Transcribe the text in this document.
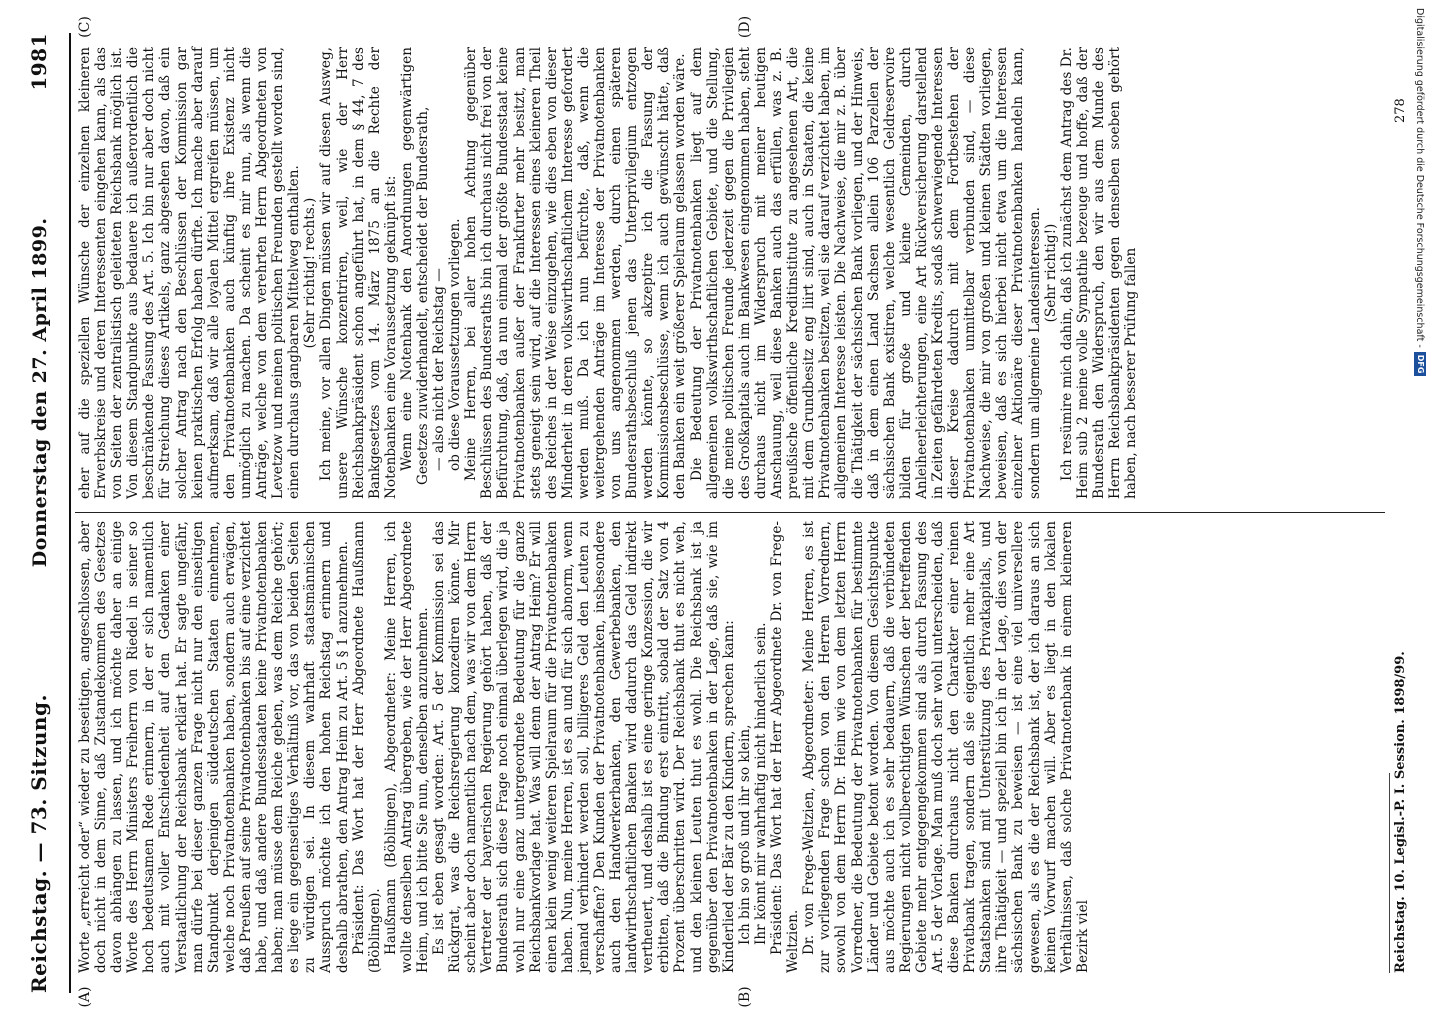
Reichstag. — 73. Sitzung.
Donnerstag den 27. April 1899.
1981
(A)	(B)
(C)	(D)

Worte „erreicht oder“ wieder zu beseitigen, angeschlossen, aber doch nicht in dem Sinne, daß Zustandekommen des Gesetzes davon abhängen zu lassen, und ich möchte daher an einige Worte des Herrn Ministers Freiherrn von Riedel in seiner so hoch bedeutsamen Rede erinnern, in der er sich namentlich auch mit voller Entschiedenheit auf den Gedanken einer Verstaatlichung der Reichsbank erklärt hat. Er sagte ungefähr, man dürfe bei dieser ganzen Frage nicht nur den einseitigen Standpunkt derjenigen süddeutschen Staaten einnehmen, welche noch Privatnotenbanken haben, sondern auch erwägen, daß Preußen auf seine Privatnotenbanken bis auf eine verzichtet habe, und daß andere Bundesstaaten keine Privatnotenbanken haben; man müsse dem Reiche geben, was dem Reiche gehört; es liege ein gegenseitiges Verhältniß vor, das von beiden Seiten zu würdigen sei. In diesem wahrhaft staatsmännischen Ausspruch möchte ich den hohen Reichstag erinnern und deshalb abrathen, den Antrag Heim zu Art. 5 § 1 anzunehmen. Präsident: Das Wort hat der Herr Abgeordnete Haußmann (Böblingen). Haußmann (Böblingen), Abgeordneter: Meine Herren, ich wollte denselben Antrag übergeben, wie der Herr Abgeordnete Heim, und ich bitte Sie nun, denselben anzunehmen. Es ist eben gesagt worden: Art. 5 der Kommission sei das Rückgrat, was die Reichsregierung konzediren könne. Mir scheint aber doch namentlich nach dem, was wir von dem Herrn Vertreter der bayerischen Regierung gehört haben, daß der Bundesrath sich diese Frage noch einmal überlegen wird, die ja wohl nur eine ganz untergeordnete Bedeutung für die ganze Reichsbankvorlage hat. Was will denn der Antrag Heim? Er will einen klein wenig weiteren Spielraum für die Privatnotenbanken haben. Nun, meine Herren, ist es an und für sich abnorm, wenn jemand verhindert werden soll, billigeres Geld den Leuten zu verschaffen? Den Kunden der Privatnotenbanken, insbesondere auch den Handwerkerbanken, den Gewerbebanken, den landwirthschaftlichen Banken wird dadurch das Geld indirekt vertheuert, und deshalb ist es eine geringe Konzession, die wir erbitten, daß die Bindung erst eintritt, sobald der Satz von 4 Prozent überschritten wird. Der Reichsbank thut es nicht weh, und den kleinen Leuten thut es wohl. Die Reichsbank ist ja gegenüber den Privatnotenbanken in der Lage, daß sie, wie im Kinderlied der Bär zu den Kindern, sprechen kann: Ich bin so groß und ihr so klein, Ihr könnt mir wahrhaftig nicht hinderlich sein. Präsident: Das Wort hat der Herr Abgeordnete Dr. von Frege-Weltzien. Dr. von Frege-Weltzien, Abgeordneter: Meine Herren, es ist zur vorliegenden Frage schon von den Herren Vorrednern, sowohl von dem Herrn Dr. Heim wie von dem letzten Herrn Vorredner, die Bedeutung der Privatnotenbanken für bestimmte Länder und Gebiete betont worden. Von diesem Gesichtspunkte aus möchte auch ich es sehr bedauern, daß die verbündeten Regierungen nicht vollberechtigten Wünschen der betreffenden Gebiete mehr entgegengekommen sind als durch Fassung des Art. 5 der Vorlage. Man muß doch sehr wohl unterscheiden, daß diese Banken durchaus nicht den Charakter einer reinen Privatbank tragen, sondern daß sie eigentlich mehr eine Art Staatsbanken sind mit Unterstützung des Privatkapitals, und ihre Thätigkeit — und speziell bin ich in der Lage, dies von der sächsischen Bank zu beweisen — ist eine viel universellere gewesen, als es die der Reichsbank ist, der ich daraus an sich keinen Vorwurf machen will. Aber es liegt in den lokalen Verhältnissen, daß solche Privatnotenbank in einem kleineren Bezirk viel

eher auf die speziellen Wünsche der einzelnen kleineren Erwerbskreise und deren Interessenten eingehen kann, als das von Seiten der zentralistisch geleiteten Reichsbank möglich ist. Von diesem Standpunkte aus bedauere ich außerordentlich die beschränkende Fassung des Art. 5. Ich bin nur aber doch nicht für Streichung dieses Artikels, ganz abgesehen davon, daß ein solcher Antrag nach den Beschlüssen der Kommission gar keinen praktischen Erfolg haben dürfte. Ich mache aber darauf aufmerksam, daß wir alle loyalen Mittel ergreifen müssen, um den Privatnotenbanken auch künftig ihre Existenz nicht unmöglich zu machen. Da scheint es mir nun, als wenn die Anträge, welche von dem verehrten Herrn Abgeordneten von Levetzow und meinen politischen Freunden gestellt worden sind, einen durchaus gangbaren Mittelweg enthalten. (Sehr richtig! rechts.) Ich meine, vor allen Dingen müssen wir auf diesen Ausweg, unsere Wünsche konzentriren, weil, wie der Herr Reichsbankpräsident schon angeführt hat, in dem § 44, 7 des Bankgesetzes vom 14. März 1875 an die Rechte der Notenbanken eine Voraussetzung geknüpft ist: Wenn eine Notenbank den Anordnungen gegenwärtigen Gesetzes zuwiderhandelt, entscheidet der Bundesrath, — also nicht der Reichstag — ob diese Voraussetzungen vorliegen. Meine Herren, bei aller hohen Achtung gegenüber Beschlüssen des Bundesraths bin ich durchaus nicht frei von der Befürchtung, daß, da nun einmal der größte Bundesstaat keine Privatnotenbanken außer der Frankfurter mehr besitzt, man stets geneigt sein wird, auf die Interessen eines kleineren Theil des Reiches in der Weise einzugehen, wie dies eben von dieser Minderheit in deren volkswirthschaftlichem Interesse gefordert werden muß. Da ich nun befürchte, daß, wenn die weitergehenden Anträge im Interesse der Privatnotenbanken von uns angenommen werden, durch einen späteren Bundesrathsbeschluß jenen das Unterprivilegium entzogen werden könnte, so akzeptire ich die Fassung der Kommissionsbeschlüsse, wenn ich auch gewünscht hätte, daß den Banken ein weit größerer Spielraum gelassen worden wäre. Die Bedeutung der Privatnotenbanken liegt auf dem allgemeinen volkswirthschaftlichen Gebiete, und die Stellung, die meine politischen Freunde jederzeit gegen die Privilegien des Großkapitals auch im Bankwesen eingenommen haben, steht durchaus nicht im Widerspruch mit meiner heutigen Anschauung, weil diese Banken auch das erfüllen, was z. B. preußische öffentliche Kreditinstitute zu angesehenen Art, die mit dem Grundbesitz eng liirt sind, auch in Staaten, die keine Privatnotenbanken besitzen, weil sie darauf verzichtet haben, im allgemeinen Interesse leisten. Die Nachweise, die mir z. B. über die Thätigkeit der sächsischen Bank vorliegen, und der Hinweis, daß in dem einen Land Sachsen allein 106 Parzellen der sächsischen Bank existiren, welche wesentlich Geldreservoire bilden für große und kleine Gemeinden, durch Anleiheerleichterungen, eine Art Rückversicherung darstellend in Zeiten gefährdeten Kredits, sodaß schwerwiegende Interessen dieser Kreise dadurch mit dem Fortbestehen der Privatnotenbanken unmittelbar verbunden sind, — diese Nachweise, die mir von großen und kleinen Städten vorliegen, beweisen, daß es sich hierbei nicht etwa um die Interessen einzelner Aktionäre dieser Privatnotenbanken handeln kann, sondern um allgemeine Landesinteressen. (Sehr richtig!) Ich resümire mich dahin, daß ich zunächst dem Antrag des Dr. Heim sub 2 meine volle Sympathie bezeuge und hoffe, daß der Bundesrath den Widerspruch, den wir aus dem Munde des Herrn Reichsbankpräsidenten gegen denselben soeben gehört haben, nach besserer Prüfung fallen

Reichstag. 10. Legisl.-P. I. Session. 1898/99.
278 Digitalisierung gefördert durch die Deutsche Forschungsgemeinschaft -
DFG
